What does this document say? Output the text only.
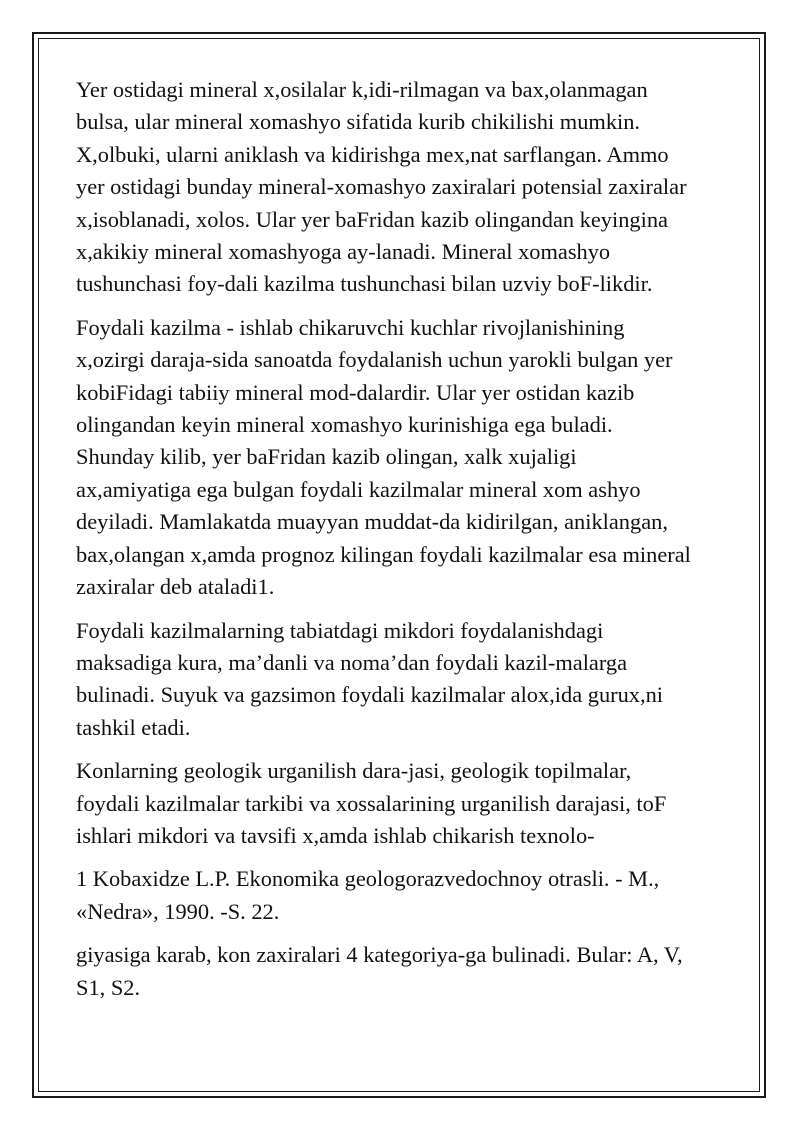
Yer ostidagi mineral x,osilalar k,idi-rilmagan va bax,olanmagan
bulsa, ular mineral xomashyo sifatida kurib chikilishi mumkin.
X,olbuki, ularni aniklash va kidirishga mex,nat sarflangan. Ammo
yer ostidagi bunday mineral-xomashyo zaxiralari potensial zaxiralar
x,isoblanadi, xolos. Ular yer baFridan kazib olingandan keyingina
x,akikiy mineral xomashyoga ay-lanadi. Mineral xomashyo
tushunchasi foy-dali kazilma tushunchasi bilan uzviy boF-likdir.

Foydali kazilma - ishlab chikaruvchi kuchlar rivojlanishining
x,ozirgi daraja-sida sanoatda foydalanish uchun yarokli bulgan yer
kobiFidagi tabiiy mineral mod-dalardir. Ular yer ostidan kazib
olingandan keyin mineral xomashyo kurinishiga ega buladi.
Shunday kilib, yer baFridan kazib olingan, xalk xujaligi
ax,amiyatiga ega bulgan foydali kazilmalar mineral xom ashyo
deyiladi. Mamlakatda muayyan muddat-da kidirilgan, aniklangan,
bax,olangan x,amda prognoz kilingan foydali kazilmalar esa mineral
zaxiralar deb ataladi1.

Foydali kazilmalarning tabiatdagi mikdori foydalanishdagi
maksadiga kura, ma’danli va noma’dan foydali kazil-malarga
bulinadi. Suyuk va gazsimon foydali kazilmalar alox,ida gurux,ni
tashkil etadi.

Konlarning geologik urganilish dara-jasi, geologik topilmalar,
foydali kazilmalar tarkibi va xossalarining urganilish darajasi, toF
ishlari mikdori va tavsifi x,amda ishlab chikarish texnolo-

1 Kobaxidze L.P. Ekonomika geologorazvedochnoy otrasli. - M.,
«Nedra», 1990. -S. 22.

giyasiga karab, kon zaxiralari 4 kategoriya-ga bulinadi. Bular: A, V,
S1, S2.
